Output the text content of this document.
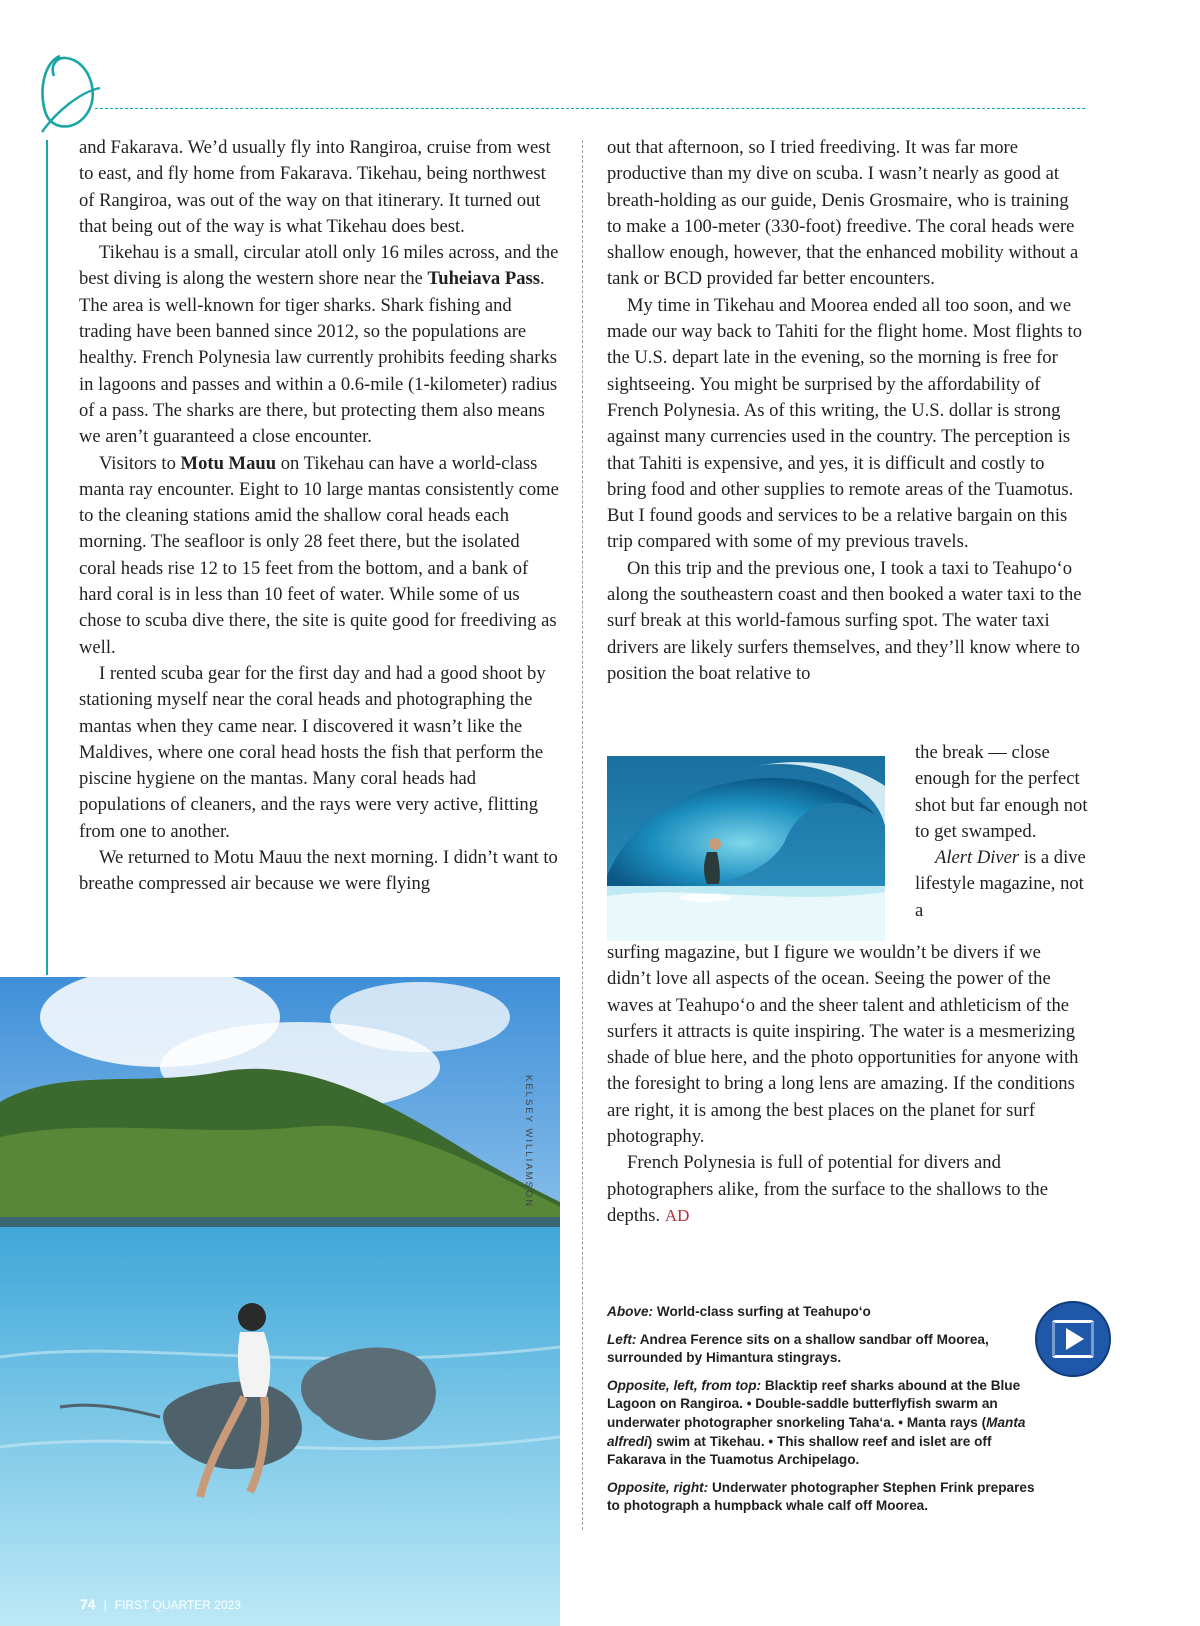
and Fakarava. We’d usually fly into Rangiroa, cruise from west to east, and fly home from Fakarava. Tikehau, being northwest of Rangiroa, was out of the way on that itinerary. It turned out that being out of the way is what Tikehau does best.

Tikehau is a small, circular atoll only 16 miles across, and the best diving is along the western shore near the Tuheiava Pass. The area is well-known for tiger sharks. Shark fishing and trading have been banned since 2012, so the populations are healthy. French Polynesia law currently prohibits feeding sharks in lagoons and passes and within a 0.6-mile (1-kilometer) radius of a pass. The sharks are there, but protecting them also means we aren’t guaranteed a close encounter.

Visitors to Motu Mauu on Tikehau can have a world-class manta ray encounter. Eight to 10 large mantas consistently come to the cleaning stations amid the shallow coral heads each morning. The seafloor is only 28 feet there, but the isolated coral heads rise 12 to 15 feet from the bottom, and a bank of hard coral is in less than 10 feet of water. While some of us chose to scuba dive there, the site is quite good for freediving as well.

I rented scuba gear for the first day and had a good shoot by stationing myself near the coral heads and photographing the mantas when they came near. I discovered it wasn’t like the Maldives, where one coral head hosts the fish that perform the piscine hygiene on the mantas. Many coral heads had populations of cleaners, and the rays were very active, flitting from one to another.

We returned to Motu Mauu the next morning. I didn’t want to breathe compressed air because we were flying

out that afternoon, so I tried freediving. It was far more productive than my dive on scuba. I wasn’t nearly as good at breath-holding as our guide, Denis Grosmaire, who is training to make a 100-meter (330-foot) freedive. The coral heads were shallow enough, however, that the enhanced mobility without a tank or BCD provided far better encounters.

My time in Tikehau and Moorea ended all too soon, and we made our way back to Tahiti for the flight home. Most flights to the U.S. depart late in the evening, so the morning is free for sightseeing. You might be surprised by the affordability of French Polynesia. As of this writing, the U.S. dollar is strong against many currencies used in the country. The perception is that Tahiti is expensive, and yes, it is difficult and costly to bring food and other supplies to remote areas of the Tuamotus. But I found goods and services to be a relative bargain on this trip compared with some of my previous travels.

On this trip and the previous one, I took a taxi to Teahupo‘o along the southeastern coast and then booked a water taxi to the surf break at this world-famous surfing spot. The water taxi drivers are likely surfers themselves, and they’ll know where to position the boat relative to

the break — close enough for the perfect shot but far enough not to get swamped.
Alert Diver is a dive lifestyle magazine, not a

surfing magazine, but I figure we wouldn’t be divers if we didn’t love all aspects of the ocean. Seeing the power of the waves at Teahupo‘o and the sheer talent and athleticism of the surfers it attracts is quite inspiring. The water is a mesmerizing shade of blue here, and the photo opportunities for anyone with the foresight to bring a long lens are amazing. If the conditions are right, it is among the best places on the planet for surf photography.

French Polynesia is full of potential for divers and photographers alike, from the surface to the shallows to the depths. AD

KELSEY WILLIAMSON

Above: World-class surfing at Teahupo‘o

Left: Andrea Ference sits on a shallow sandbar off Moorea, surrounded by Himantura stingrays.

Opposite, left, from top: Blacktip reef sharks abound at the Blue Lagoon on Rangiroa. • Double-saddle butterflyfish swarm an underwater photographer snorkeling Taha‘a. • Manta rays (Manta alfredi) swim at Tikehau. • This shallow reef and islet are off Fakarava in the Tuamotus Archipelago.

Opposite, right: Underwater photographer Stephen Frink prepares to photograph a humpback whale calf off Moorea.

74 | FIRST QUARTER 2023
